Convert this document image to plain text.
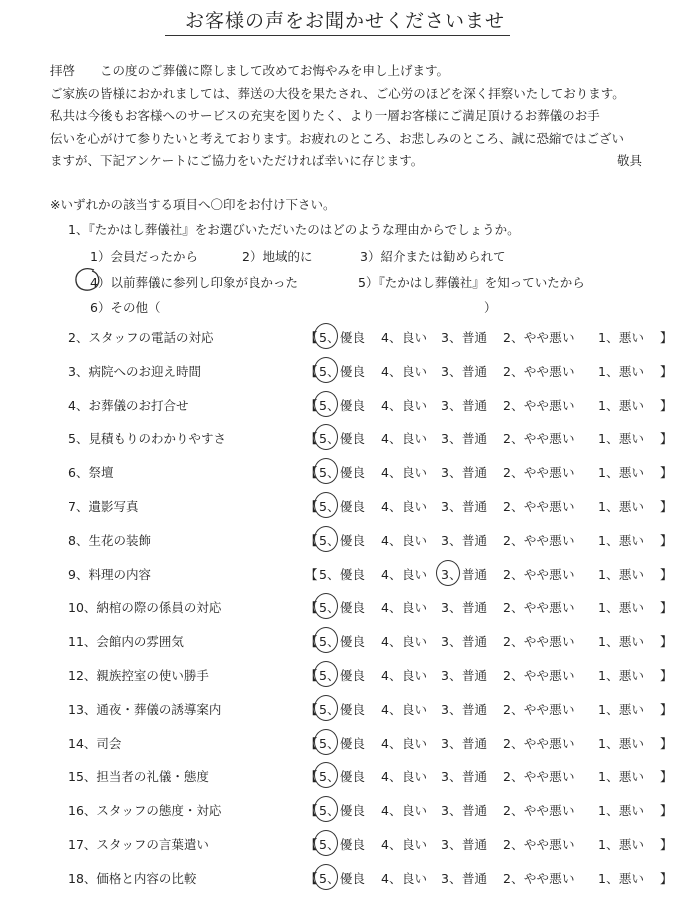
お客様の声をお聞かせくださいませ
拝啓　　この度のご葬儀に際しまして改めてお悔やみを申し上げます。
ご家族の皆様におかれましては、葬送の大役を果たされ、ご心労のほどを深く拝察いたしております。
私共は今後もお客様へのサービスの充実を図りたく、より一層お客様にご満足頂けるお葬儀のお手
伝いを心がけて参りたいと考えております。お疲れのところ、お悲しみのところ、誠に恐縮ではござい
ますが、下記アンケートにご協力をいただければ幸いに存じます。	敬具
※いずれかの該当する項目へ〇印をお付け下さい。
1、『たかはし葬儀社』をお選びいただいたのはどのような理由からでしょうか。
1）会員だったから	2）地域的に	3）紹介または勧められて
4）以前葬儀に参列し印象が良かった	5）『たかはし葬儀社』を知っていたから
6）その他（	）
2、スタッフの電話の対応	【5、優良 4、良い 3、普通 2、やや悪い 1、悪い 】
3、病院へのお迎え時間	【5、優良 4、良い 3、普通 2、やや悪い 1、悪い 】
4、お葬儀のお打合せ	【5、優良 4、良い 3、普通 2、やや悪い 1、悪い 】
5、見積もりのわかりやすさ	【5、優良 4、良い 3、普通 2、やや悪い 1、悪い 】
6、祭壇	【5、優良 4、良い 3、普通 2、やや悪い 1、悪い 】
7、遺影写真	【5、優良 4、良い 3、普通 2、やや悪い 1、悪い 】
8、生花の装飾	【5、優良 4、良い 3、普通 2、やや悪い 1、悪い 】
9、料理の内容	【5、優良 4、良い 3、普通 2、やや悪い 1、悪い 】
10、納棺の際の係員の対応	【5、優良 4、良い 3、普通 2、やや悪い 1、悪い 】
11、会館内の雰囲気	【5、優良 4、良い 3、普通 2、やや悪い 1、悪い 】
12、親族控室の使い勝手	【5、優良 4、良い 3、普通 2、やや悪い 1、悪い 】
13、通夜・葬儀の誘導案内	【5、優良 4、良い 3、普通 2、やや悪い 1、悪い 】
14、司会	【5、優良 4、良い 3、普通 2、やや悪い 1、悪い 】
15、担当者の礼儀・態度	【5、優良 4、良い 3、普通 2、やや悪い 1、悪い 】
16、スタッフの態度・対応	【5、優良 4、良い 3、普通 2、やや悪い 1、悪い 】
17、スタッフの言葉遣い	【5、優良 4、良い 3、普通 2、やや悪い 1、悪い 】
18、価格と内容の比較	【5、優良 4、良い 3、普通 2、やや悪い 1、悪い 】
